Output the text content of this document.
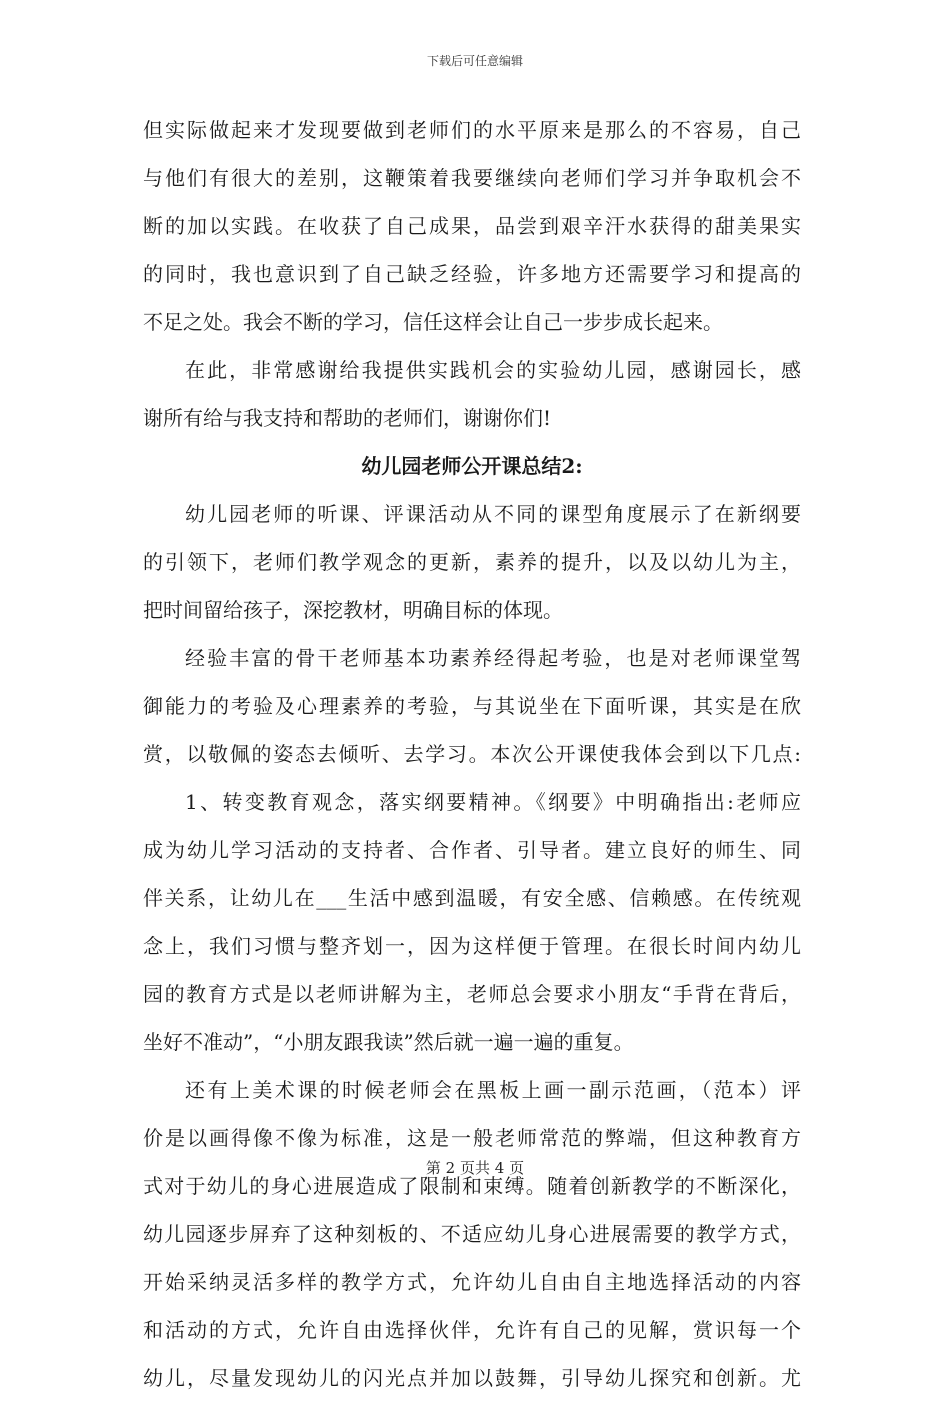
下载后可任意编辑
但实际做起来才发现要做到老师们的水平原来是那么的不容易，自己
与他们有很大的差别，这鞭策着我要继续向老师们学习并争取机会不
断的加以实践。在收获了自己成果，品尝到艰辛汗水获得的甜美果实
的同时，我也意识到了自己缺乏经验，许多地方还需要学习和提高的
不足之处。我会不断的学习，信任这样会让自己一步步成长起来。
在此，非常感谢给我提供实践机会的实验幼儿园，感谢园长，感
谢所有给与我支持和帮助的老师们，谢谢你们!
幼儿园老师公开课总结2:
幼儿园老师的听课、评课活动从不同的课型角度展示了在新纲要
的引领下，老师们教学观念的更新，素养的提升，以及以幼儿为主，
把时间留给孩子，深挖教材，明确目标的体现。
经验丰富的骨干老师基本功素养经得起考验，也是对老师课堂驾
御能力的考验及心理素养的考验，与其说坐在下面听课，其实是在欣
赏，以敬佩的姿态去倾听、去学习。本次公开课使我体会到以下几点:
1、转变教育观念，落实纲要精神。《纲要》中明确指出:老师应
成为幼儿学习活动的支持者、合作者、引导者。建立良好的师生、同
伴关系，让幼儿在___生活中感到温暖，有安全感、信赖感。在传统观
念上，我们习惯与整齐划一，因为这样便于管理。在很长时间内幼儿
园的教育方式是以老师讲解为主，老师总会要求小朋友“手背在背后，
坐好不准动”，“小朋友跟我读”然后就一遍一遍的重复。
还有上美术课的时候老师会在黑板上画一副示范画，（范本）评
价是以画得像不像为标准，这是一般老师常范的弊端，但这种教育方
式对于幼儿的身心进展造成了限制和束缚。随着创新教学的不断深化，
幼儿园逐步屏弃了这种刻板的、不适应幼儿身心进展需要的教学方式，
开始采纳灵活多样的教学方式，允许幼儿自由自主地选择活动的内容
和活动的方式，允许自由选择伙伴，允许有自己的见解，赏识每一个
幼儿，尽量发现幼儿的闪光点并加以鼓舞，引导幼儿探究和创新。尤
第 2 页共 4 页
